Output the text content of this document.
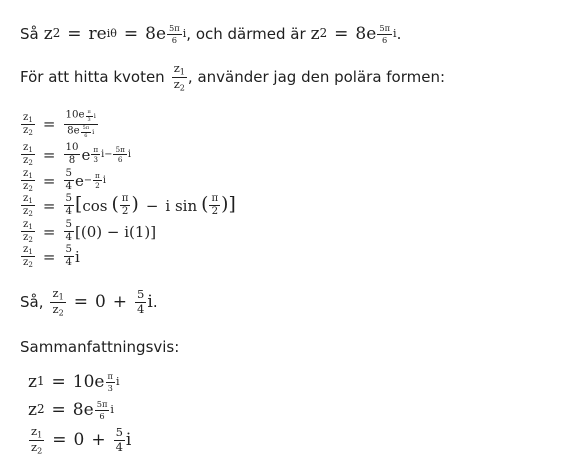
Så z 2 = re $i\theta = 8e \frac{5\pi}{6}$ i , och därmed är z $2 = 8e \frac{5\pi}{6}$ i .
För att hitta kvoten $\frac{z_1}{z_2}$ , använder jag den polära formen:
$\frac{z_1}{z_2} = 10e$ $^{\frac{\pi}{3} i}$
8e $^{\frac{5\pi}{6} i}$
$\frac{z_1}{z_2} = \frac{10}{8}$ e $\frac{\pi}{3}$ $i - \frac{5\pi}{6}$ i
$\frac{z_1}{z_2} = \frac{5}{4}$ $e - \frac{\pi}{2}$ i
$\frac{z_1}{z_2} = \frac{5}{4}$ [ cos ( $\frac{\pi}{2}$ ) − i sin ( $\frac{\pi}{2}$ ) ]
$\frac{z_1}{z_2} = \frac{5}{4} [(0) - i(1)]$
$\frac{z_1}{z_2} = \frac{5}{4}$ i
Så, $\frac{z_1}{z_2} = 0 + \frac{5}{4}$ i .
Sammanfattningsvis:
z $1 = 10e \frac{\pi}{3}$ i
z $2 = 8e \frac{5\pi}{6}$ i
$\frac{z_1}{z_2} = 0 + \frac{5}{4}$ i
